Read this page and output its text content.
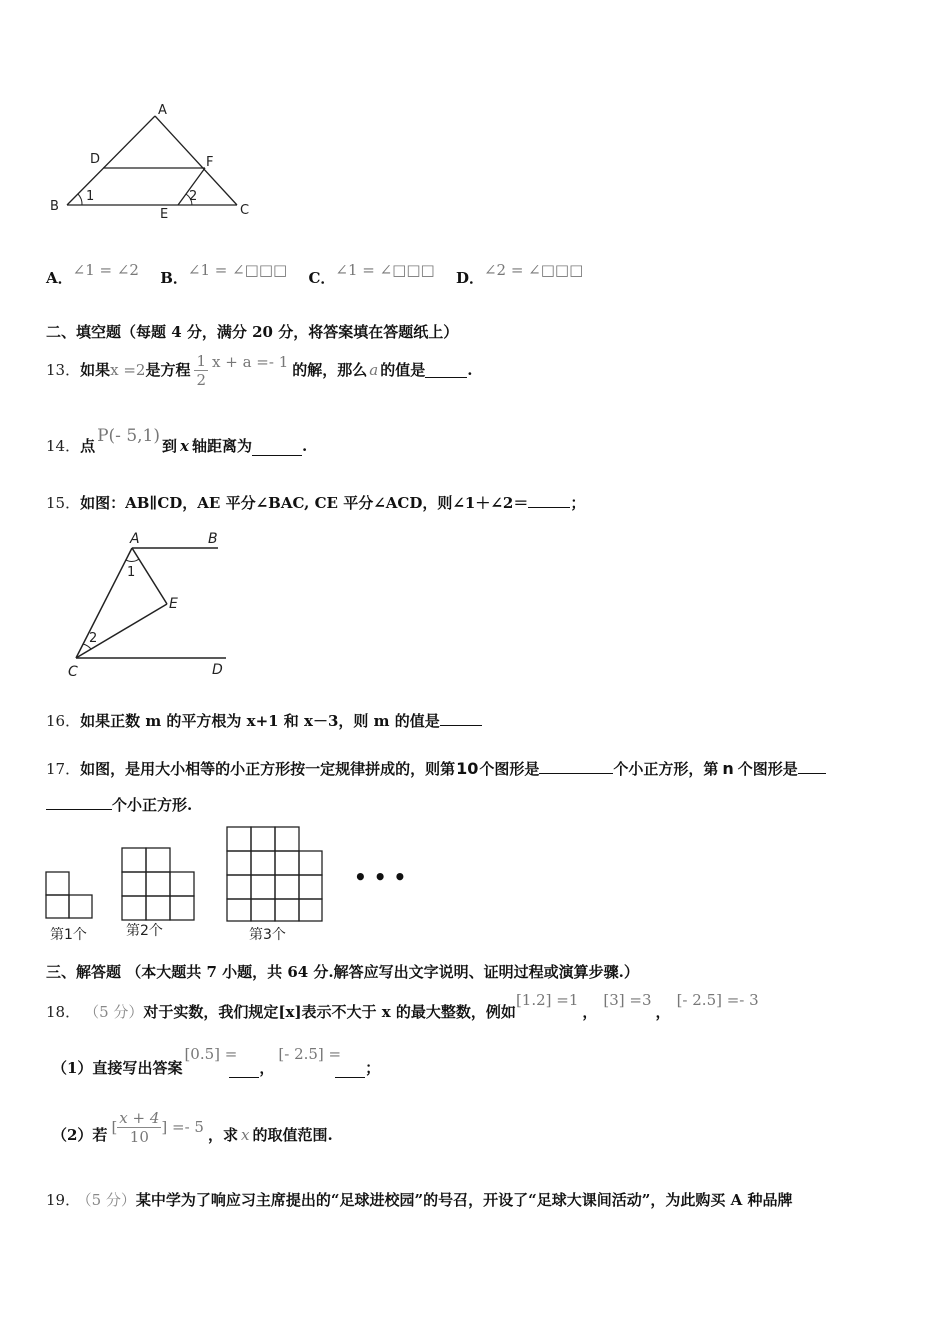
A
B	C
D
E
F
1	2
A．∠1 = ∠2 B．∠1 = ∠□□□ C．∠1 = ∠□□□ D．∠2 = ∠□□□
二、填空题（每题 4 分，满分 20 分，将答案填在答题纸上）
13． 如果 x =2 是方程 $\frac{1}{2}$ x + a =- 1 的解，那么 a 的值是	.
14． 点 P(- 5,1) 到 x 轴距离为	.
15．如图：AB∥CD，AE 平分∠BAC, CE 平分∠ACD，则∠1＋∠2＝	；
A	B
C	D
E
1
2
16．如果正数 m 的平方根为 x+1 和 x－3，则 m 的值是
17．如图，是用大小相等的小正方形按一定规律拼成的，则第10个图形是	个小正方形，第 n 个图形是
个小正方形.
• • •
第1个	第2个	第3个
三、解答题 （本大题共 7 小题，共 64 分.解答应写出文字说明、证明过程或演算步骤.）
18． （5 分） 对于实数，我们规定[x]表示不大于 x 的最大整数，例如
[1.2] =1
，
[3] =3
，
[- 2.5] =- 3
（1）直接写出答案
[0.5] =
，
[- 2.5] =
；
（2）若 [ $\frac{x + 4}{10}$ ] =- 5 ，求 x 的取值范围.
19． （5 分）某中学为了响应习主席提出的“足球进校园”的号召，开设了“足球大课间活动”，为此购买 A 种品牌
